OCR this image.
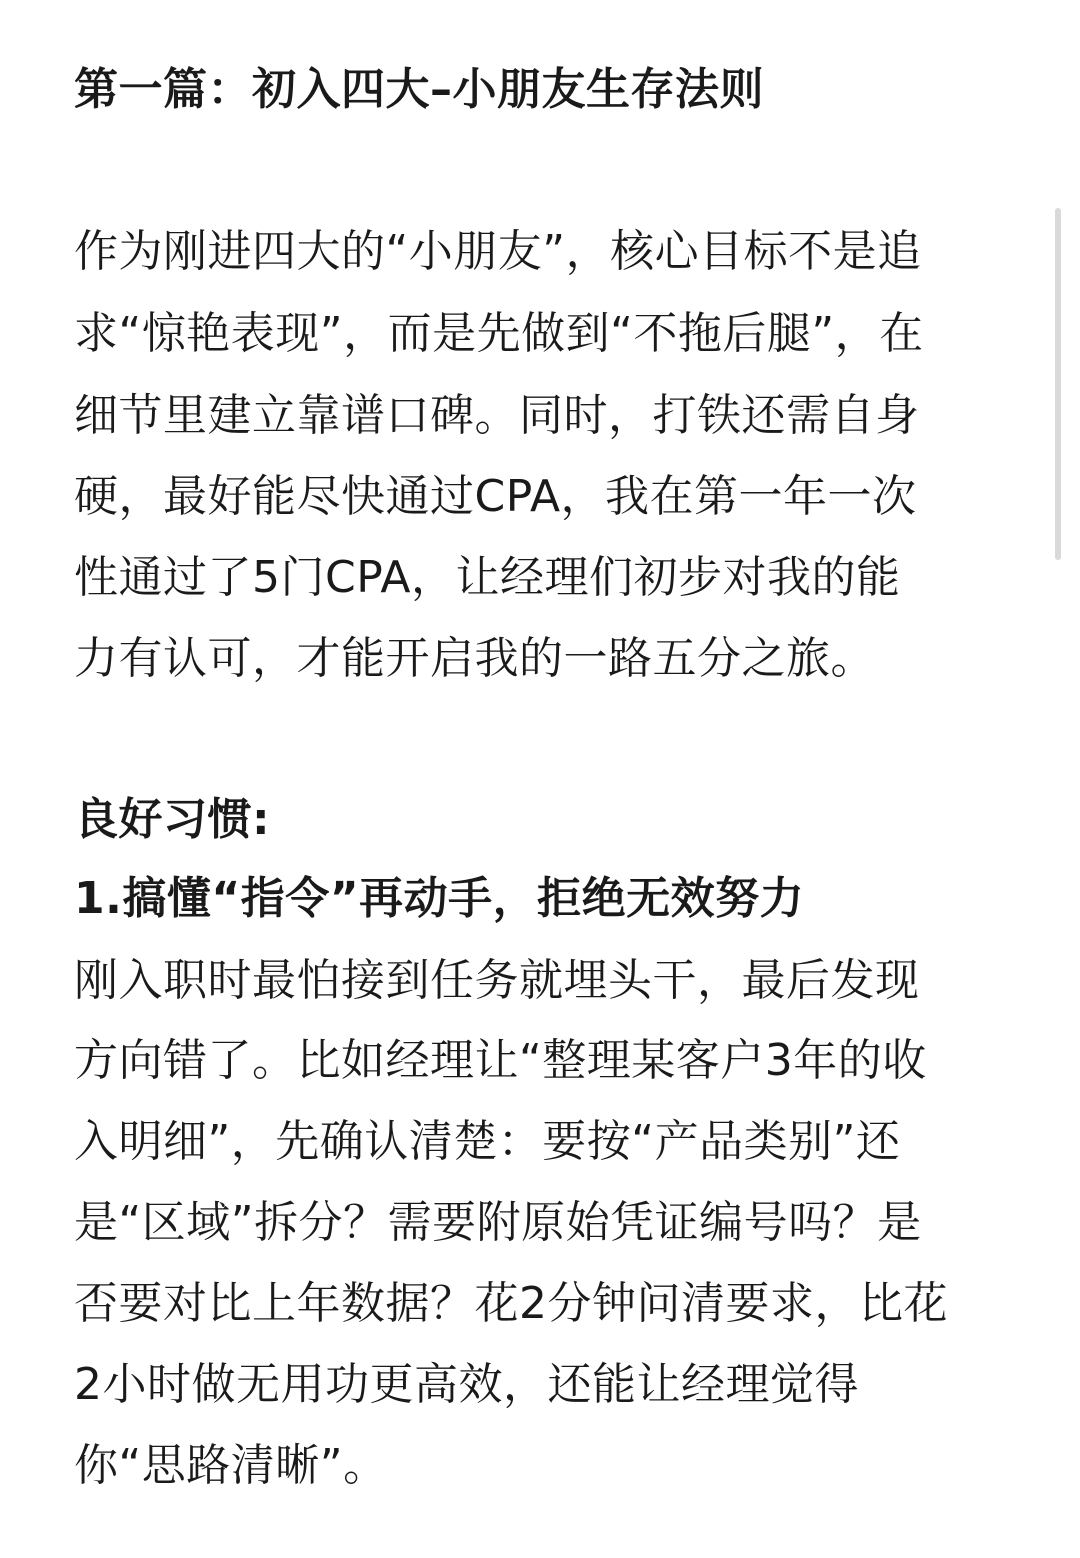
第一篇：初入四大–小朋友生存法则
作为刚进四大的“小朋友”，核心目标不是追
求“惊艳表现”，而是先做到“不拖后腿”，在
细节里建立靠谱口碑。同时，打铁还需自身
硬，最好能尽快通过CPA，我在第一年一次
性通过了5门CPA，让经理们初步对我的能
力有认可，才能开启我的一路五分之旅。
良好习惯:
1.搞懂“指令”再动手，拒绝无效努力
刚入职时最怕接到任务就埋头干，最后发现
方向错了。比如经理让“整理某客户3年的收
入明细”，先确认清楚：要按“产品类别”还
是“区域”拆分？需要附原始凭证编号吗？是
否要对比上年数据？花2分钟问清要求，比花
2小时做无用功更高效，还能让经理觉得
你“思路清晰”。
